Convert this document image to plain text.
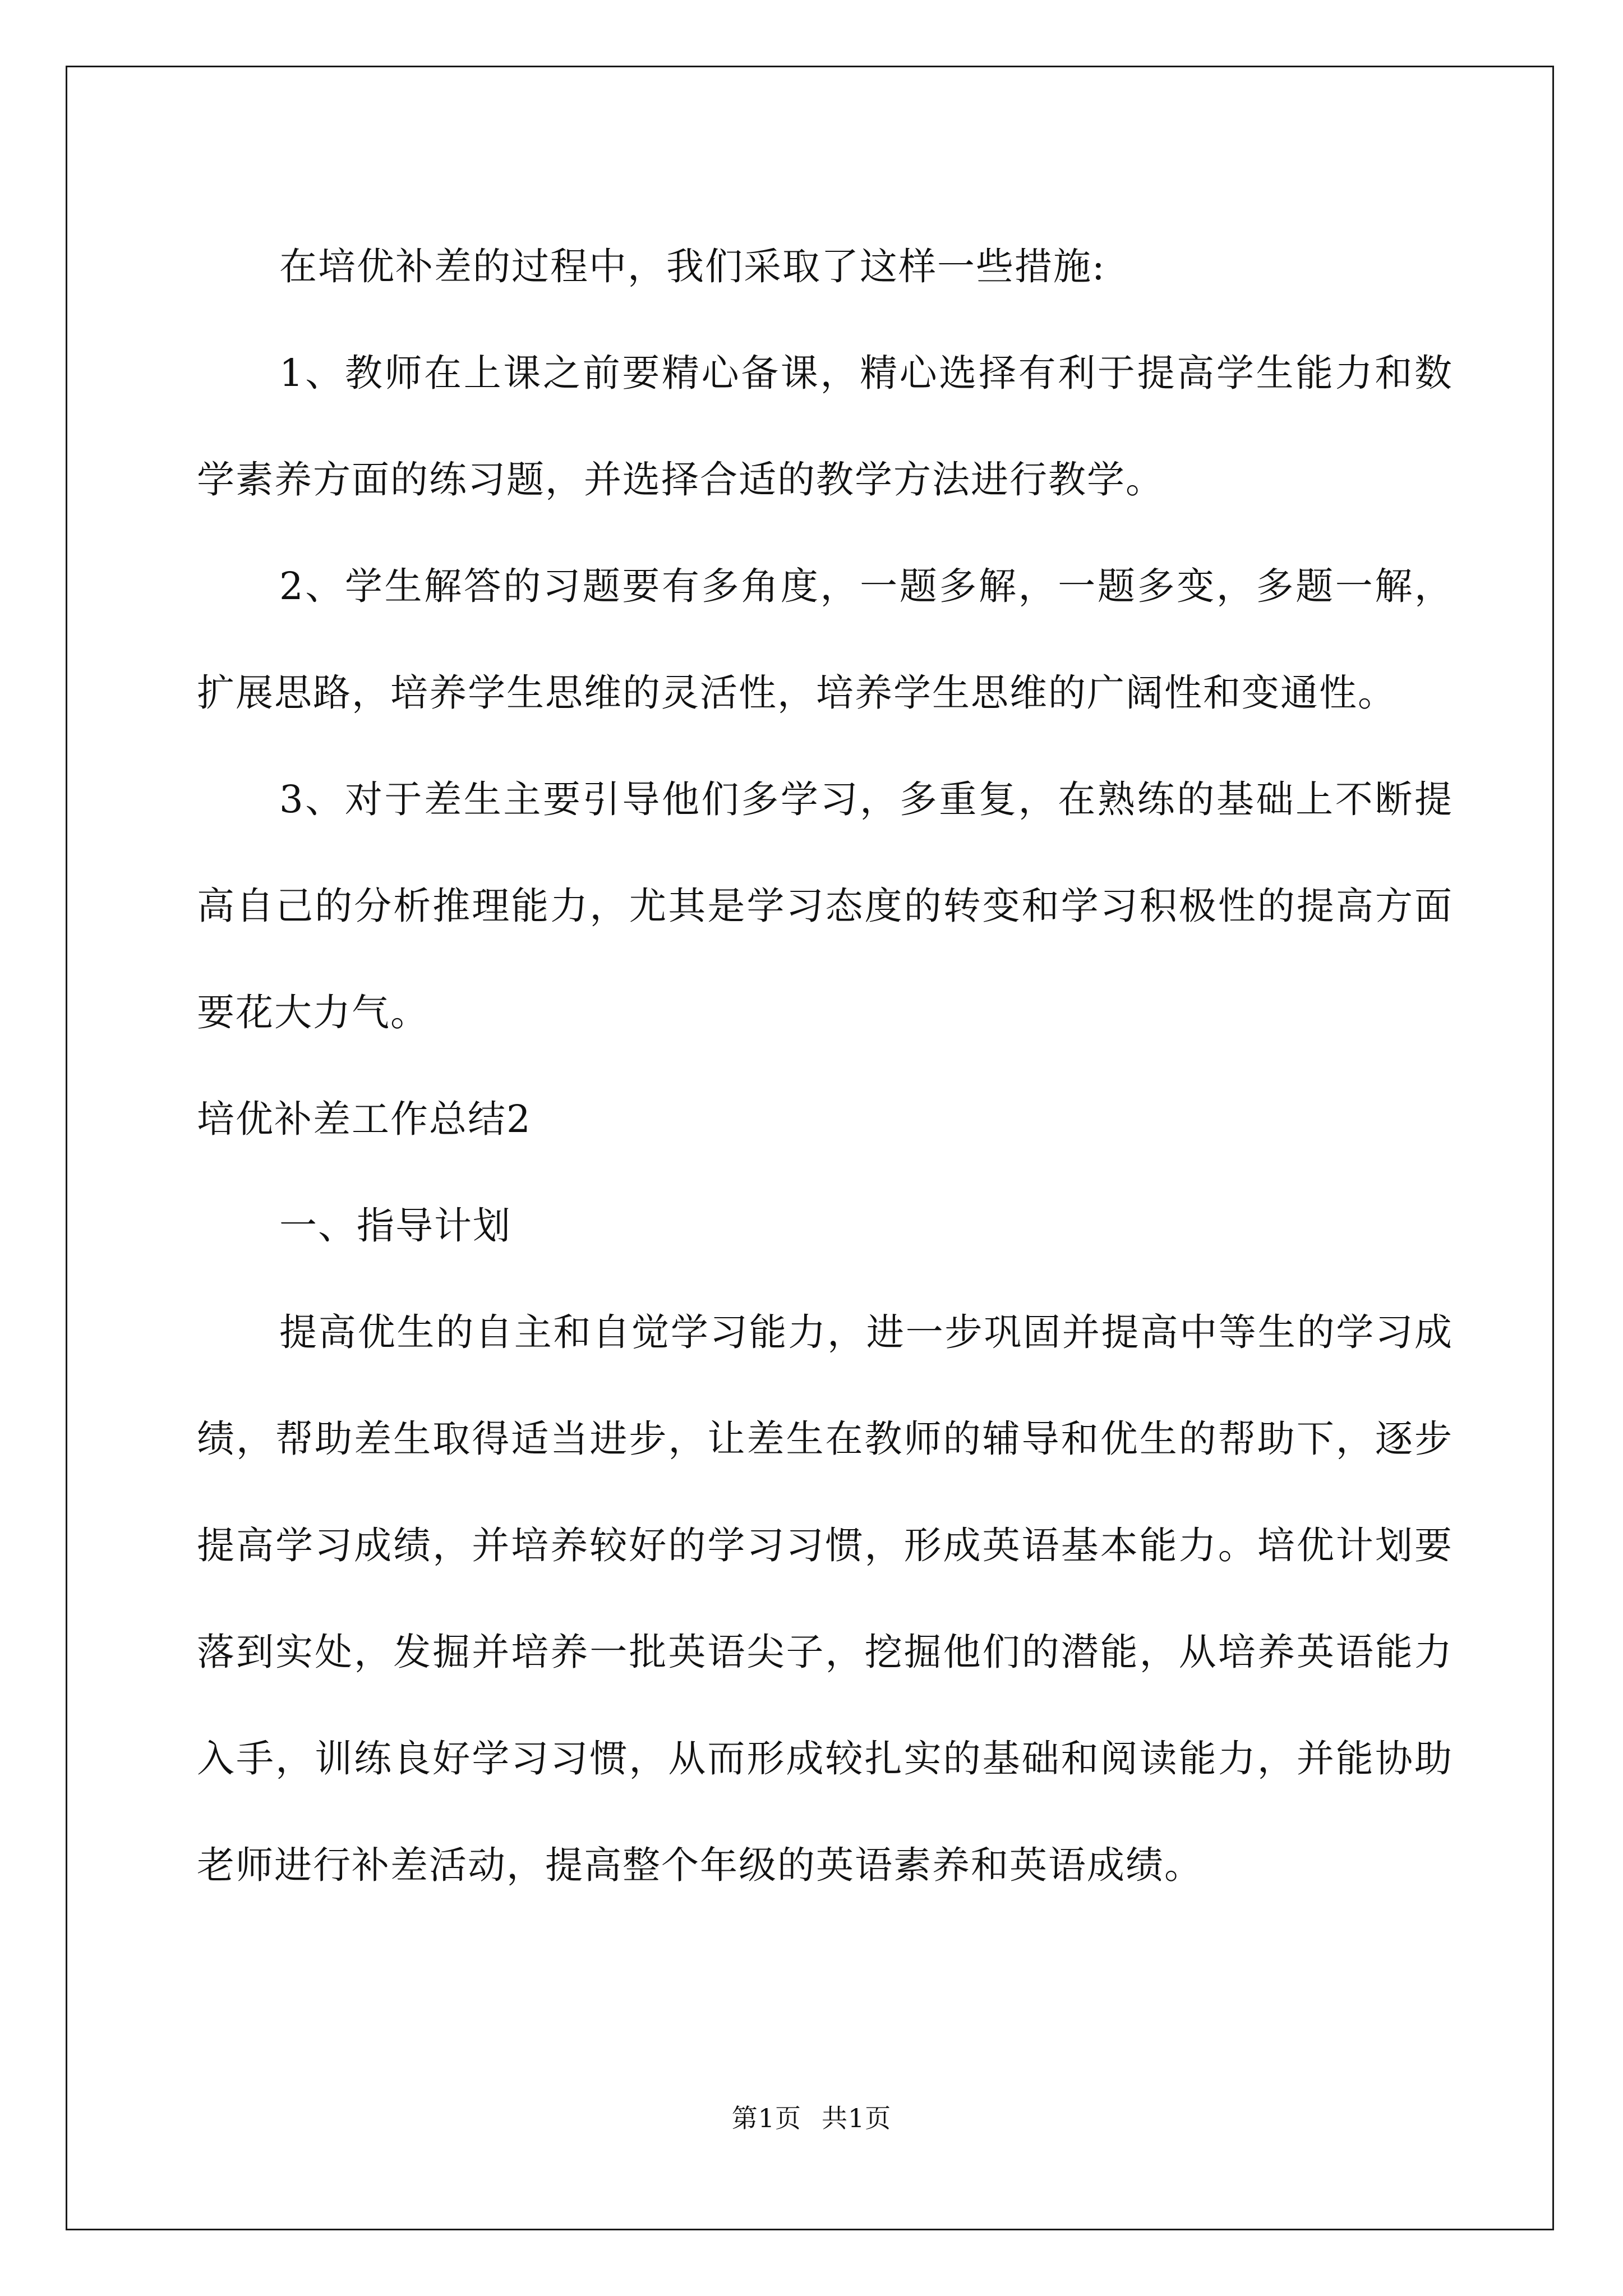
在培优补差的过程中，我们采取了这样一些措施:

1、教师在上课之前要精心备课，精心选择有利于提高学生能力和数学素养方面的练习题，并选择合适的教学方法进行教学。

2、学生解答的习题要有多角度，一题多解，一题多变，多题一解，扩展思路，培养学生思维的灵活性，培养学生思维的广阔性和变通性。

3、对于差生主要引导他们多学习，多重复，在熟练的基础上不断提高自己的分析推理能力，尤其是学习态度的转变和学习积极性的提高方面要花大力气。

培优补差工作总结2

一、指导计划

提高优生的自主和自觉学习能力，进一步巩固并提高中等生的学习成绩，帮助差生取得适当进步，让差生在教师的辅导和优生的帮助下，逐步提高学习成绩，并培养较好的学习习惯，形成英语基本能力。培优计划要落到实处，发掘并培养一批英语尖子，挖掘他们的潜能，从培养英语能力入手，训练良好学习习惯，从而形成较扎实的基础和阅读能力，并能协助老师进行补差活动，提高整个年级的英语素养和英语成绩。

第1页 共1页
